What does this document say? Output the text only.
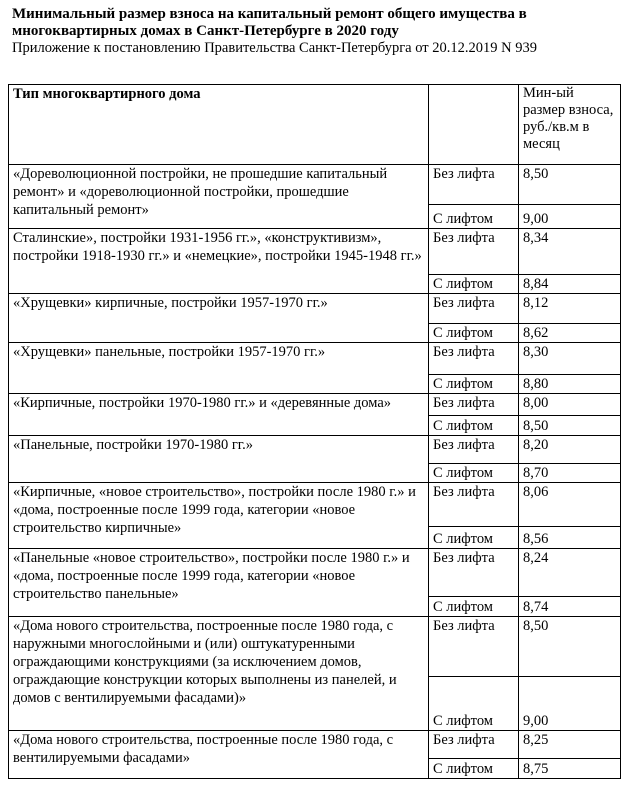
Минимальный размер взноса на капитальный ремонт общего имущества в

многоквартирных домах в Санкт-Петербурге в 2020 году

Приложение к постановлению Правительства Санкт-Петербурга от 20.12.2019 N 939

Тип многоквартирного дома		Мин-ый размер взноса, руб./кв.м в месяц
«Дореволюционной постройки, не прошедшие капитальный ремонт» и «дореволюционной постройки, прошедшие капитальный ремонт»	Без лифта	8,50
	С лифтом	9,00
Сталинские», постройки 1931-1956 гг.», «конструктивизм», постройки 1918-1930 гг.» и «немецкие», постройки 1945-1948 гг.»	Без лифта	8,34
	С лифтом	8,84
«Хрущевки» кирпичные, постройки 1957-1970 гг.»	Без лифта	8,12
	С лифтом	8,62
«Хрущевки» панельные, постройки 1957-1970 гг.»	Без лифта	8,30
	С лифтом	8,80
«Кирпичные, постройки 1970-1980 гг.» и «деревянные дома»	Без лифта	8,00
	С лифтом	8,50
«Панельные, постройки 1970-1980 гг.»	Без лифта	8,20
	С лифтом	8,70
«Кирпичные, «новое строительство», постройки после 1980 г.» и «дома, построенные после 1999 года, категории «новое строительство кирпичные»	Без лифта	8,06
	С лифтом	8,56
«Панельные «новое строительство», постройки после 1980 г.» и «дома, построенные после 1999 года, категории «новое строительство панельные»	Без лифта	8,24
	С лифтом	8,74
«Дома нового строительства, построенные после 1980 года, с наружными многослойными и (или) оштукатуренными ограждающими конструкциями (за исключением домов, ограждающие конструкции которых выполнены из панелей, и домов с вентилируемыми фасадами)»	Без лифта	8,50
	С лифтом	9,00
«Дома нового строительства, построенные после 1980 года, с вентилируемыми фасадами»	Без лифта	8,25
	С лифтом	8,75
